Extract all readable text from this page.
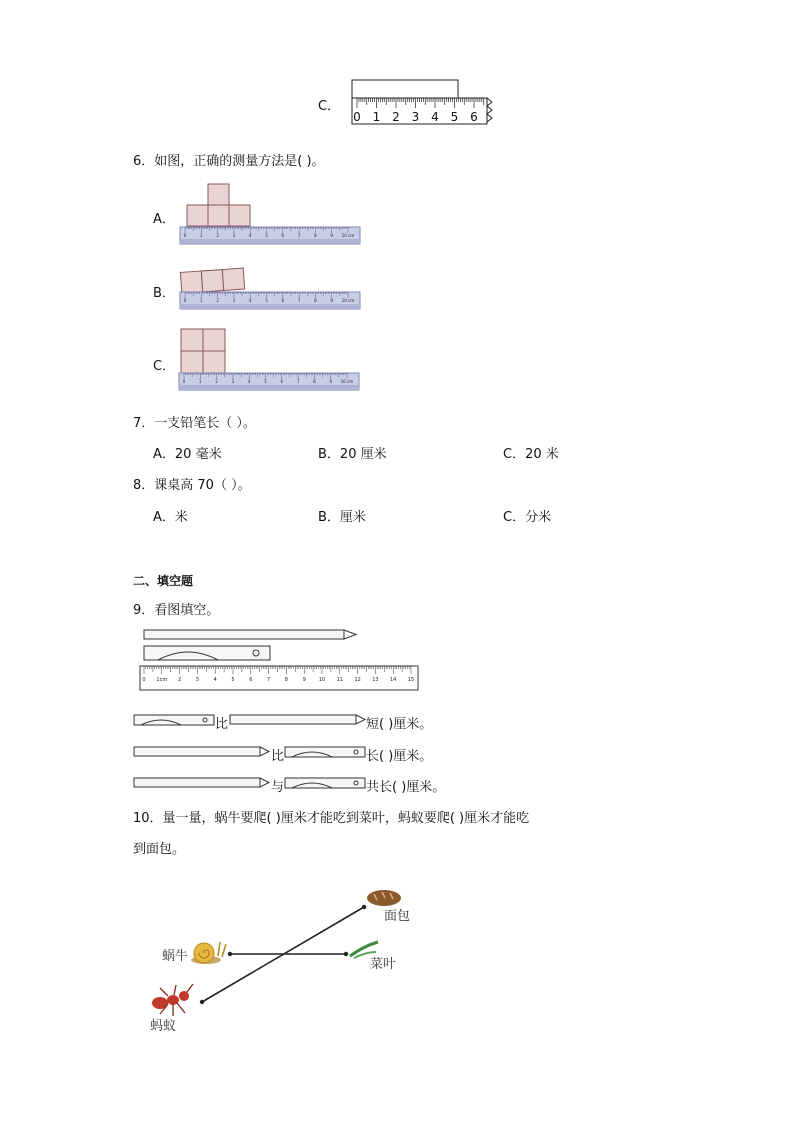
C．
0 1 2 3 4 5 6
6．如图，正确的测量方法是( )。
A．
0	1	2	3	4	5	6	7	8	9 10 cm
B． 0	1	2	3	4	5	6	7	8	9 10 cm
C．
0	1	2	3	4	5	6	7	8	9 10 cm
7．一支铅笔长（ ）。
A．20 毫米	B．20 厘米	C．20 米
8．课桌高 70（ ）。
A．米	B．厘米	C．分米
二、填空题
9．看图填空。
0 1cm 2	3	4	5	6	7	8	9	10 11 12 13 14 15
比	短( )厘米。
比	长( )厘米。
与	共长( )厘米。
10．量一量，蜗牛要爬( )厘米才能吃到菜叶，蚂蚁要爬( )厘米才能吃
到面包。
蜗牛
蚂蚁
面包
菜叶
